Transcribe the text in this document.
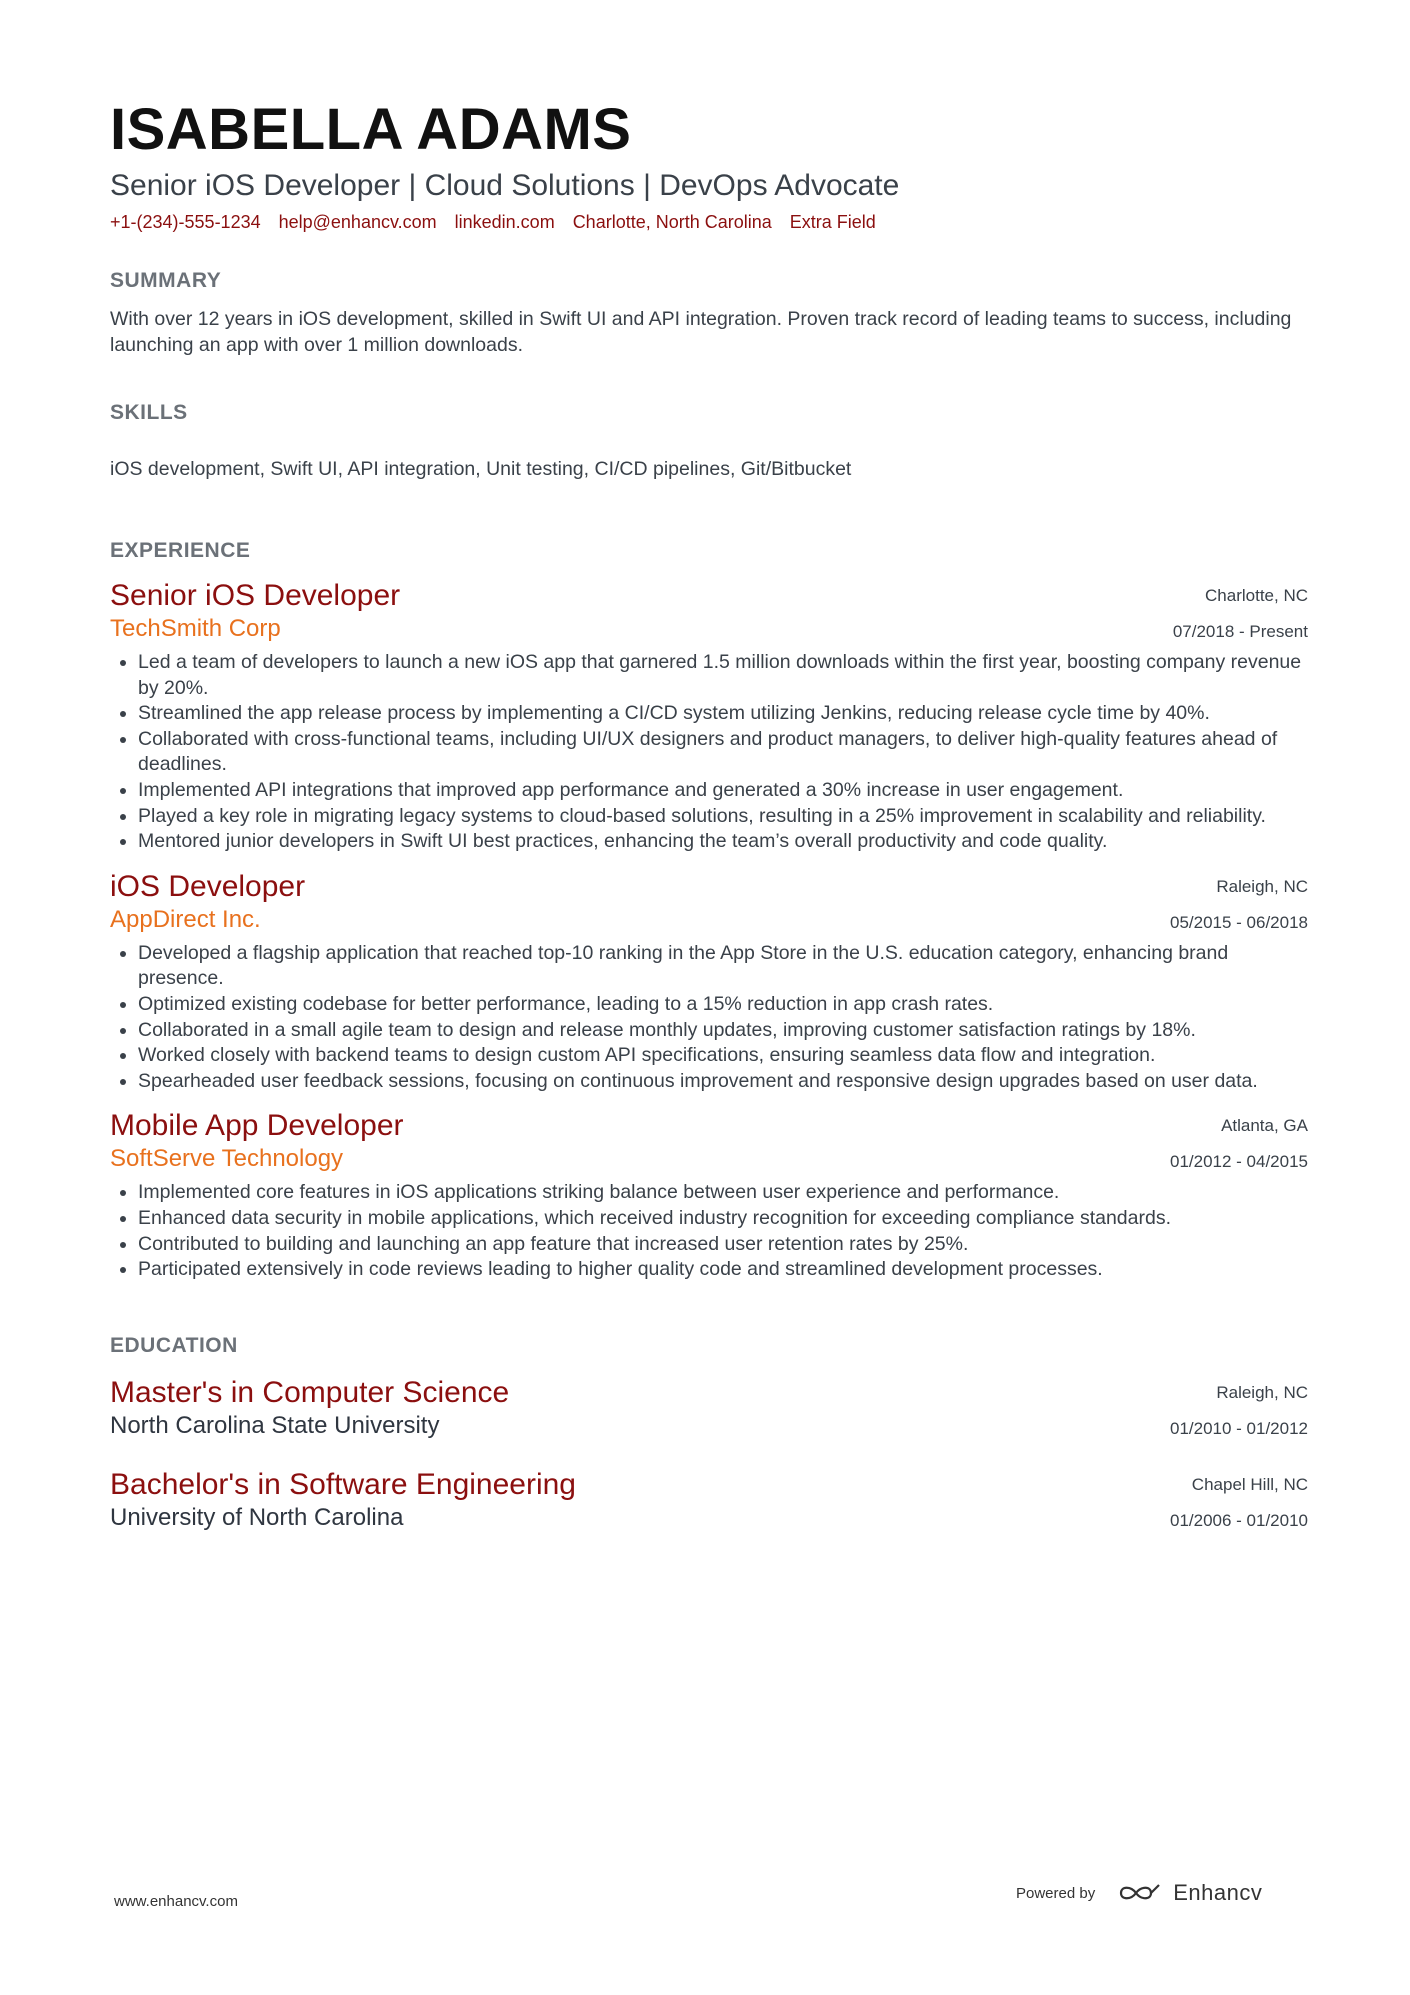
ISABELLA ADAMS
Senior iOS Developer | Cloud Solutions | DevOps Advocate
+1-(234)-555-1234 help@enhancv.com linkedin.com Charlotte, North Carolina Extra Field
SUMMARY
With over 12 years in iOS development, skilled in Swift UI and API integration. Proven track record of leading teams to success, including launching an app with over 1 million downloads.
SKILLS
iOS development, Swift UI, API integration, Unit testing, CI/CD pipelines, Git/Bitbucket
EXPERIENCE
Senior iOS Developer
TechSmith Corp
Charlotte, NC
07/2018 - Present
• Led a team of developers to launch a new iOS app that garnered 1.5 million downloads within the first year, boosting company revenue by 20%.
• Streamlined the app release process by implementing a CI/CD system utilizing Jenkins, reducing release cycle time by 40%.
• Collaborated with cross-functional teams, including UI/UX designers and product managers, to deliver high-quality features ahead of deadlines.
• Implemented API integrations that improved app performance and generated a 30% increase in user engagement.
• Played a key role in migrating legacy systems to cloud-based solutions, resulting in a 25% improvement in scalability and reliability.
• Mentored junior developers in Swift UI best practices, enhancing the team’s overall productivity and code quality.
iOS Developer
AppDirect Inc.
Raleigh, NC
05/2015 - 06/2018
• Developed a flagship application that reached top-10 ranking in the App Store in the U.S. education category, enhancing brand presence.
• Optimized existing codebase for better performance, leading to a 15% reduction in app crash rates.
• Collaborated in a small agile team to design and release monthly updates, improving customer satisfaction ratings by 18%.
• Worked closely with backend teams to design custom API specifications, ensuring seamless data flow and integration.
• Spearheaded user feedback sessions, focusing on continuous improvement and responsive design upgrades based on user data.
Mobile App Developer
SoftServe Technology
Atlanta, GA
01/2012 - 04/2015
• Implemented core features in iOS applications striking balance between user experience and performance.
• Enhanced data security in mobile applications, which received industry recognition for exceeding compliance standards.
• Contributed to building and launching an app feature that increased user retention rates by 25%.
• Participated extensively in code reviews leading to higher quality code and streamlined development processes.
EDUCATION
Master's in Computer Science
North Carolina State University
Raleigh, NC
01/2010 - 01/2012
Bachelor's in Software Engineering
University of North Carolina
Chapel Hill, NC
01/2006 - 01/2010
www.enhancv.com	Powered by	Enhancv
